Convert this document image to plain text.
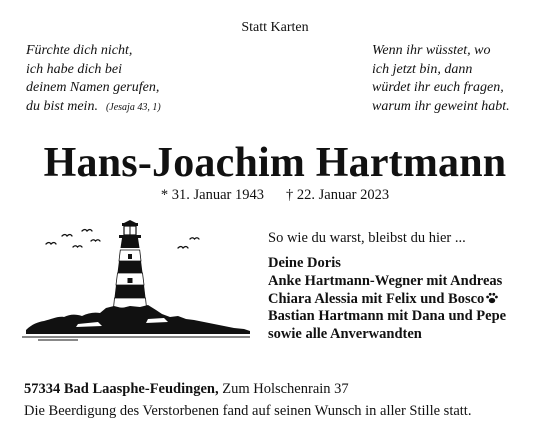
Statt Karten
Fürchte dich nicht,
ich habe dich bei
deinem Namen gerufen,
du bist mein. (Jesaja 43, 1)
Wenn ihr wüsstet, wo
ich jetzt bin, dann
würdet ihr euch fragen,
warum ihr geweint habt.
Hans-Joachim Hartmann
* 31. Januar 1943 † 22. Januar 2023
So wie du warst, bleibst du hier ...
Deine Doris
Anke Hartmann-Wegner mit Andreas
Chiara Alessia mit Felix und Bosco
Bastian Hartmann mit Dana und Pepe
sowie alle Anverwandten
57334 Bad Laasphe-Feudingen, Zum Holschenrain 37
Die Beerdigung des Verstorbenen fand auf seinen Wunsch in aller Stille statt.
